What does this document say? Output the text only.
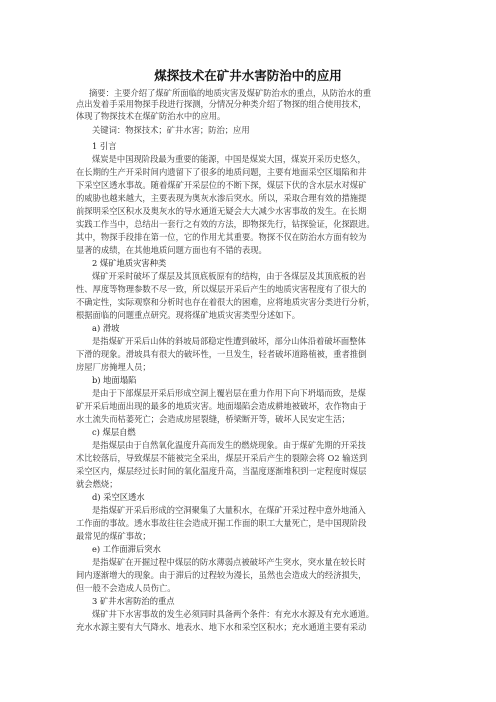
煤探技术在矿井水害防治中的应用
摘要：主要介绍了煤矿所面临的地质灾害及煤矿防治水的重点，从防治水的重
点出发着手采用物探手段进行探测，分情况分种类介绍了物探的组合使用技术，
体现了物探技术在煤矿防治水中的应用。
关键词：物探技术；矿井水害；防治；应用
1 引言
煤炭是中国现阶段最为重要的能源，中国是煤炭大国，煤炭开采历史悠久，
在长期的生产开采时间内遗留下了很多的地质问题，主要有地面采空区塌陷和井
下采空区透水事故。随着煤矿开采层位的不断下探，煤层下伏的含水层水对煤矿
的威胁也越来越大，主要表现为奥灰水渗后突水。所以，采取合理有效的措施提
前探明采空区积水及奥灰水的导水通道无疑会大大减少水害事故的发生。在长期
实践工作当中，总结出一套行之有效的方法，即物探先行，钻探验证，化探跟进。
其中，物探手段排在第一位，它的作用尤其重要。物探不仅在防治水方面有较为
显著的成绩，在其他地质问题方面也有不错的表现。
2 煤矿地质灾害种类
煤矿开采时破坏了煤层及其顶底板原有的结构，由于各煤层及其顶底板的岩
性、厚度等物理参数不尽一致，所以煤层开采后产生的地质灾害程度有了很大的
不确定性，实际观察和分析时也存在着很大的困难，应将地质灾害分类进行分析，
根据面临的问题重点研究。现将煤矿地质灾害类型分述如下。
a) 滑坡
是指煤矿开采后山体的斜坡局部稳定性遭到破坏，部分山体沿着破坏面整体
下滑的现象。滑坡具有很大的破坏性，一旦发生，轻者破坏道路植被，重者推倒
房屋厂房掩埋人员；
b) 地面塌陷
是由于下部煤层开采后形成空洞上覆岩层在重力作用下向下坍塌而致，是煤
矿开采后地面出现的最多的地质灾害。地面塌陷会造成耕地被破坏，农作物由于
水土流失而枯萎死亡；会造成房屋裂缝，桥梁断开等，破坏人民安定生活；
c) 煤层自燃
是指煤层由于自然氧化温度升高而发生的燃烧现象。由于煤矿先期的开采技
术比较落后，导致煤层不能被完全采出，煤层开采后产生的裂隙会将 O2 输送到
采空区内，煤层经过长时间的氧化温度升高，当温度逐渐堆积到一定程度时煤层
就会燃烧；
d) 采空区透水
是指煤矿开采后形成的空洞聚集了大量积水，在煤矿开采过程中意外地涌入
工作面的事故。透水事故往往会造成开掘工作面的职工大量死亡，是中国现阶段
最常见的煤矿事故；
e) 工作面滞后突水
是指煤矿在开掘过程中煤层的防水薄弱点被破坏产生突水，突水量在较长时
间内逐渐增大的现象。由于滞后的过程较为漫长，虽然也会造成大的经济损失，
但一般不会造成人员伤亡。
3 矿井水害防治的重点
煤矿井下水害事故的发生必须同时具备两个条件：有充水水源及有充水通道。
充水水源主要有大气降水、地表水、地下水和采空区积水；充水通道主要有采动
